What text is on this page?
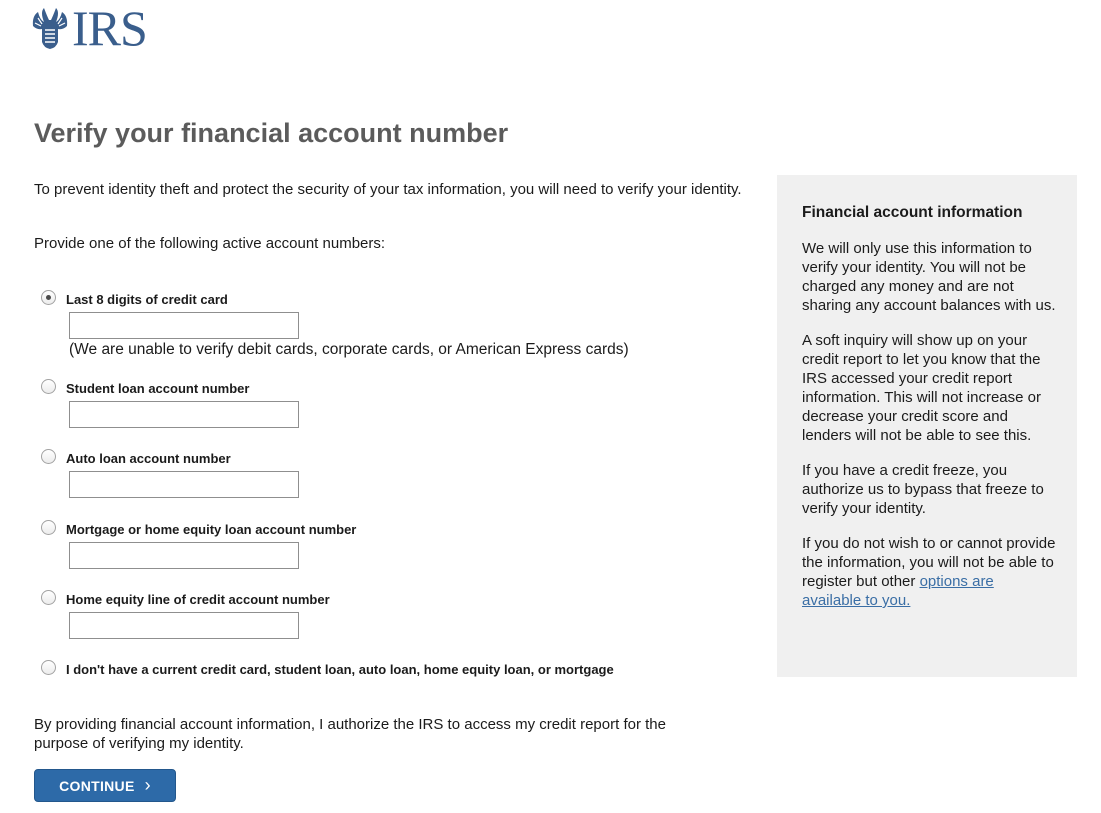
IRS
Verify your financial account number

To prevent identity theft and protect the security of your tax information, you will need to verify your identity.

Provide one of the following active account numbers:

Last 8 digits of credit card
(We are unable to verify debit cards, corporate cards, or American Express cards)
Student loan account number
Auto loan account number
Mortgage or home equity loan account number
Home equity line of credit account number
I don't have a current credit card, student loan, auto loan, home equity loan, or mortgage

By providing financial account information, I authorize the IRS to access my credit report for the purpose of verifying my identity.

CONTINUE ›
Financial account information

We will only use this information to verify your identity. You will not be charged any money and are not sharing any account balances with us.

A soft inquiry will show up on your credit report to let you know that the IRS accessed your credit report information. This will not increase or decrease your credit score and lenders will not be able to see this.

If you have a credit freeze, you authorize us to bypass that freeze to verify your identity.

If you do not wish to or cannot provide the information, you will not be able to register but other options are available to you.
